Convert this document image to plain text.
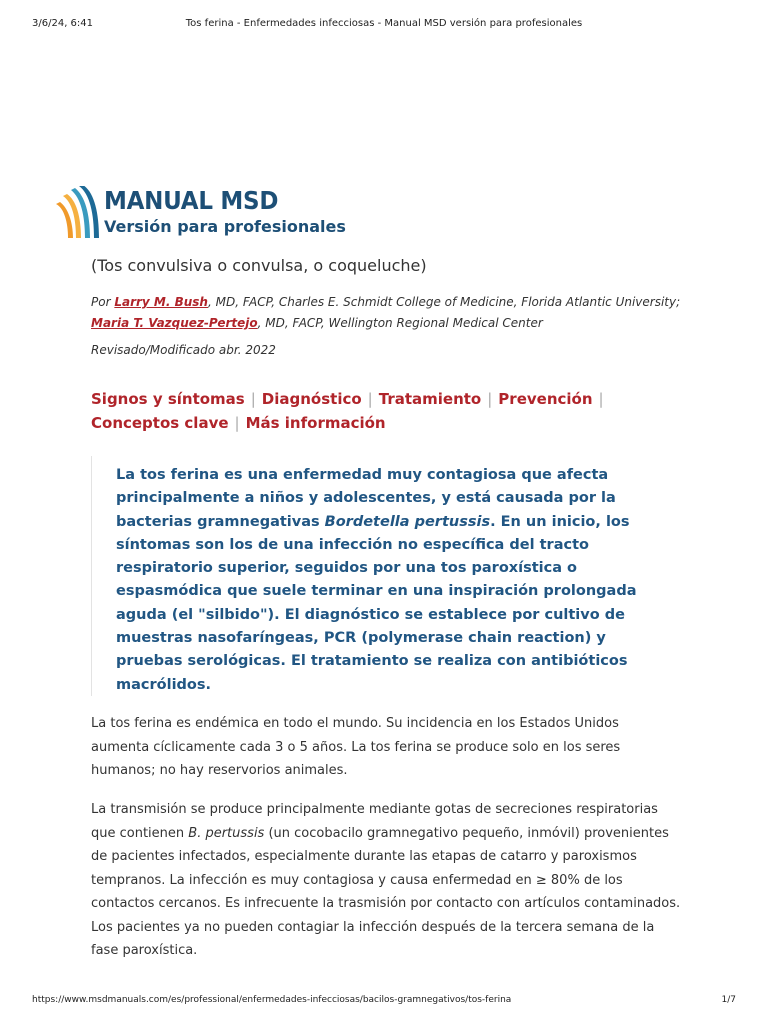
3/6/24, 6:41	Tos ferina - Enfermedades infecciosas - Manual MSD versión para profesionales
MANUAL MSD
Versión para profesionales
(Tos convulsiva o convulsa, o coqueluche)
Por Larry M. Bush, MD, FACP, Charles E. Schmidt College of Medicine, Florida Atlantic University; Maria T. Vazquez-Pertejo, MD, FACP, Wellington Regional Medical Center
Revisado/Modificado abr. 2022
Signos y síntomas | Diagnóstico | Tratamiento | Prevención |
Conceptos clave | Más información

La tos ferina es una enfermedad muy contagiosa que afecta principalmente a niños y adolescentes, y está causada por la bacterias gramnegativas Bordetella pertussis. En un inicio, los síntomas son los de una infección no específica del tracto respiratorio superior, seguidos por una tos paroxística o espasmódica que suele terminar en una inspiración prolongada aguda (el "silbido"). El diagnóstico se establece por cultivo de muestras nasofaríngeas, PCR (polymerase chain reaction) y pruebas serológicas. El tratamiento se realiza con antibióticos macrólidos.

La tos ferina es endémica en todo el mundo. Su incidencia en los Estados Unidos aumenta cíclicamente cada 3 o 5 años. La tos ferina se produce solo en los seres humanos; no hay reservorios animales.

La transmisión se produce principalmente mediante gotas de secreciones respiratorias que contienen B. pertussis (un cocobacilo gramnegativo pequeño, inmóvil) provenientes de pacientes infectados, especialmente durante las etapas de catarro y paroxismos tempranos. La infección es muy contagiosa y causa enfermedad en ≥ 80% de los contactos cercanos. Es infrecuente la trasmisión por contacto con artículos contaminados. Los pacientes ya no pueden contagiar la infección después de la tercera semana de la fase paroxística.

https://www.msdmanuals.com/es/professional/enfermedades-infecciosas/bacilos-gramnegativos/tos-ferina	1/7
